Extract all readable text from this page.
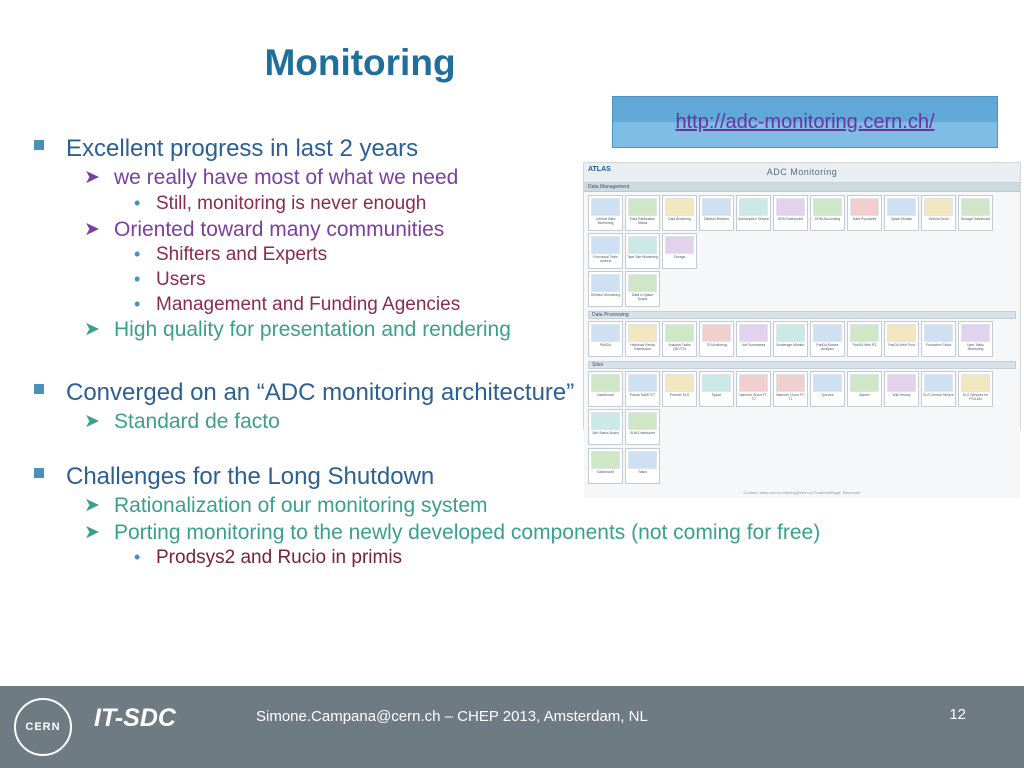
Monitoring
http://adc-monitoring.cern.ch/
ATLAS	ADC Monitoring
Data Management
Central Data Monitoring
Data Replication Status
Data Brokering	Dataset Browser	Subscription Service	DDM Dashboard	DDM Accounting	Data Popularity	Space Monitor	Victoria Tools	Storage Dashboard
Functional Tests Actions
Tape Site Monitoring	Storage
Deletion Monitoring	Data in Space Scope
Data Processing
PANDA	Historical Panda Dashboard
Analysis Tasks (MC/T0)
T0 Monitoring	Job Summaries	Brokerage Monitor	PanDA Movies Analysis
PanDA Web R2	PanDA Web Prod	Production Tasks	User Tasks Monitoring
Sites
Dashboard	Panda SAM/T2T	Premier SLS	Space	Hammer Cloud FT-T0
Hammer Cloud FT-T1
Queues	Alarms	Wiki History	SLS Central Service	SLS Services for PC/LAN
Site Status Board	SUM Dashboard
Dashboard	Tasks
Contact: atlas-adc-monitoring@cern.ch Featured/Bugs: Savannah
Excellent progress in last 2 years
➤ we really have most of what we need
• Still, monitoring is never enough
➤ Oriented toward many communities
• Shifters and Experts
• Users
• Management and Funding Agencies
➤ High quality for presentation and rendering
Converged on an “ADC monitoring architecture”
➤ Standard de facto
Challenges for the Long Shutdown
➤ Rationalization of our monitoring system
➤ Porting monitoring to the newly developed components (not coming for free)
• Prodsys2 and Rucio in primis
CERN IT-SDC	Simone.Campana@cern.ch – CHEP 2013, Amsterdam, NL	12
